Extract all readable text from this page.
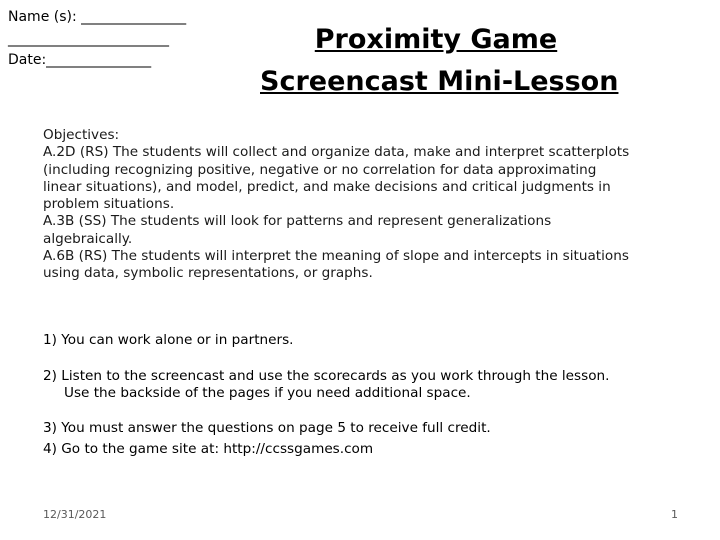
Name (s): _______________
_______________________
Date:_______________
Proximity Game
Screencast Mini-Lesson
Objectives:
A.2D (RS) The students will collect and organize data, make and interpret scatterplots
(including recognizing positive, negative or no correlation for data approximating
linear situations), and model, predict, and make decisions and critical judgments in
problem situations.
A.3B (SS) The students will look for patterns and represent generalizations
algebraically.
A.6B (RS) The students will interpret the meaning of slope and intercepts in situations
using data, symbolic representations, or graphs.
1) You can work alone or in partners.
2) Listen to the screencast and use the scorecards as you work through the lesson.
Use the backside of the pages if you need additional space.
3) You must answer the questions on page 5 to receive full credit.
4) Go to the game site at: http://ccssgames.com
12/31/2021	1
